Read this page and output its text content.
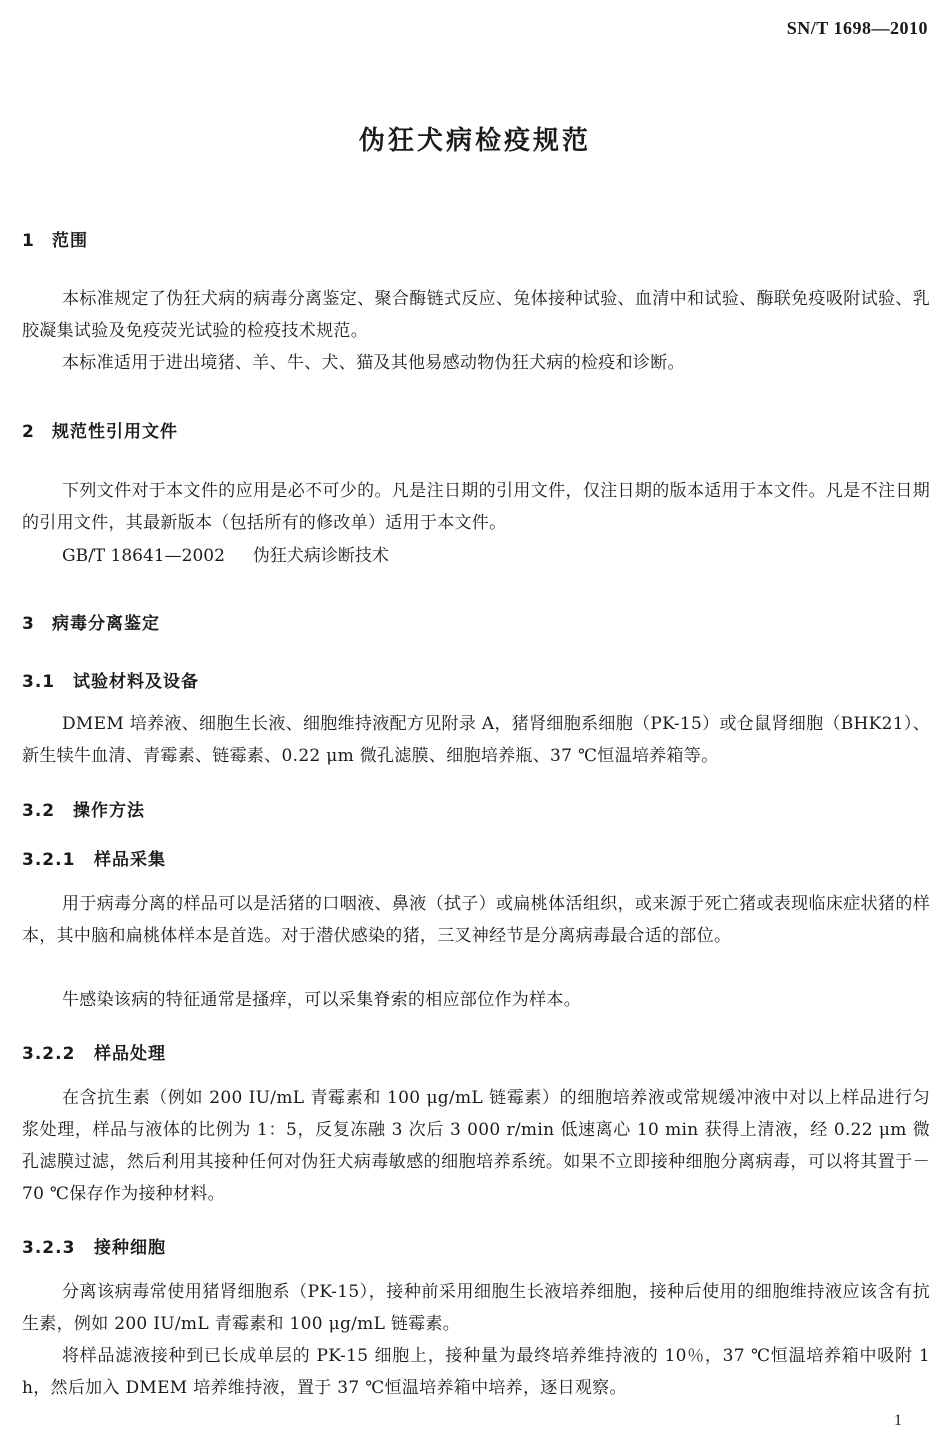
SN/T 1698—2010
伪狂犬病检疫规范
1 范围
本标准规定了伪狂犬病的病毒分离鉴定、聚合酶链式反应、兔体接种试验、血清中和试验、酶联免疫吸附试验、乳胶凝集试验及免疫荧光试验的检疫技术规范。
本标准适用于进出境猪、羊、牛、犬、猫及其他易感动物伪狂犬病的检疫和诊断。
2 规范性引用文件
下列文件对于本文件的应用是必不可少的。凡是注日期的引用文件，仅注日期的版本适用于本文件。凡是不注日期的引用文件，其最新版本（包括所有的修改单）适用于本文件。
GB/T 18641—2002 伪狂犬病诊断技术
3 病毒分离鉴定
3.1 试验材料及设备
DMEM 培养液、细胞生长液、细胞维持液配方见附录 A，猪肾细胞系细胞（PK-15）或仓鼠肾细胞（BHK21）、新生犊牛血清、青霉素、链霉素、0.22 μm 微孔滤膜、细胞培养瓶、37 ℃恒温培养箱等。
3.2 操作方法
3.2.1 样品采集
用于病毒分离的样品可以是活猪的口咽液、鼻液（拭子）或扁桃体活组织，或来源于死亡猪或表现临床症状猪的样本，其中脑和扁桃体样本是首选。对于潜伏感染的猪，三叉神经节是分离病毒最合适的部位。
牛感染该病的特征通常是搔痒，可以采集脊索的相应部位作为样本。
3.2.2 样品处理
在含抗生素（例如 200 IU/mL 青霉素和 100 μg/mL 链霉素）的细胞培养液或常规缓冲液中对以上样品进行匀浆处理，样品与液体的比例为 1：5，反复冻融 3 次后 3 000 r/min 低速离心 10 min 获得上清液，经 0.22 μm 微孔滤膜过滤，然后利用其接种任何对伪狂犬病毒敏感的细胞培养系统。如果不立即接种细胞分离病毒，可以将其置于－70 ℃保存作为接种材料。
3.2.3 接种细胞
分离该病毒常使用猪肾细胞系（PK-15），接种前采用细胞生长液培养细胞，接种后使用的细胞维持液应该含有抗生素，例如 200 IU/mL 青霉素和 100 μg/mL 链霉素。
将样品滤液接种到已长成单层的 PK-15 细胞上，接种量为最终培养维持液的 10％，37 ℃恒温培养箱中吸附 1 h，然后加入 DMEM 培养维持液，置于 37 ℃恒温培养箱中培养，逐日观察。
1
